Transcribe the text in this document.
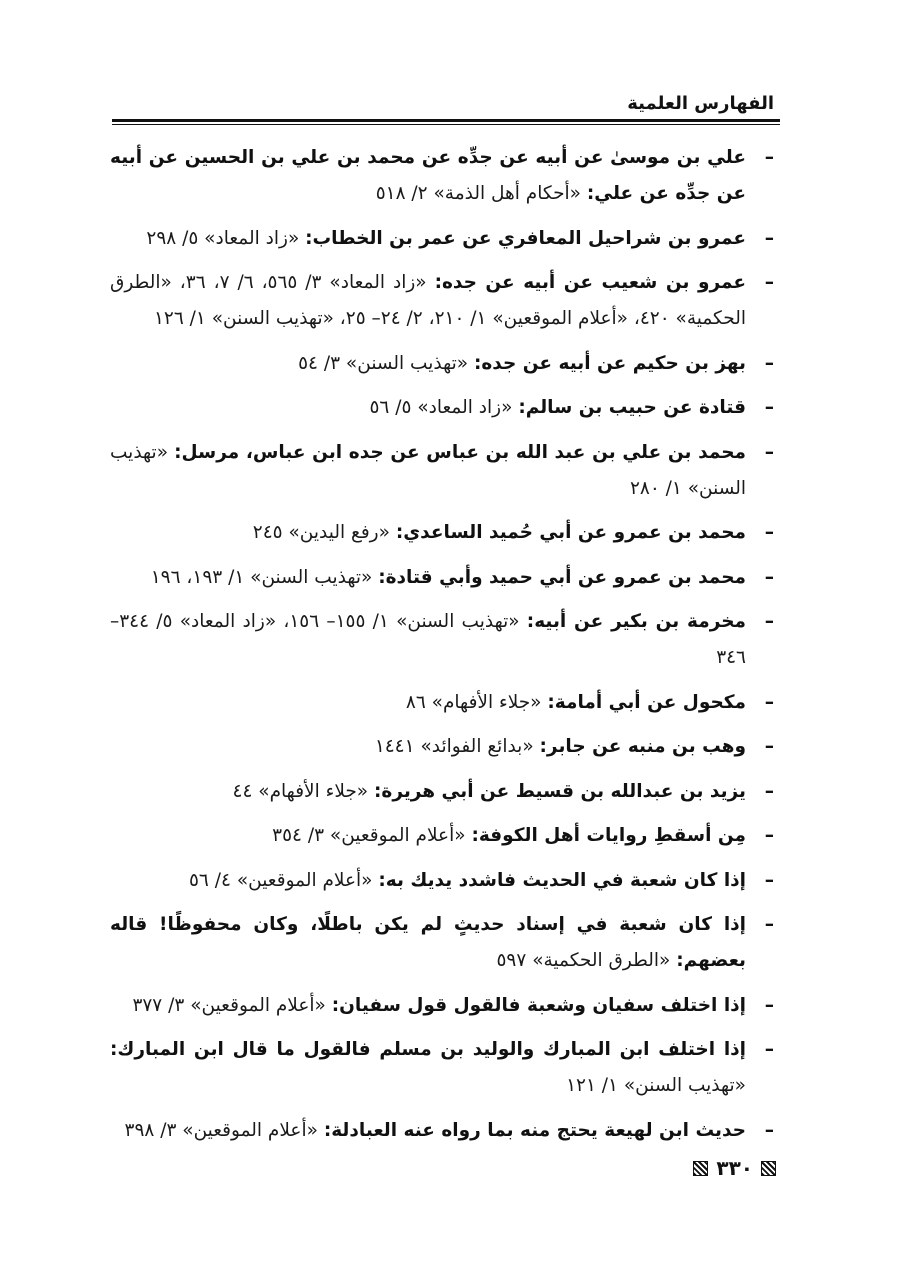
الفهارس العلمية
–
علي بن موسىٰ عن أبيه عن جدِّه عن محمد بن علي بن الحسين عن أبيه عن جدِّه عن علي: «أحكام أهل الذمة» ٢/ ٥١٨
–
عمرو بن شراحيل المعافري عن عمر بن الخطاب: «زاد المعاد» ٥/ ٢٩٨
–
عمرو بن شعيب عن أبيه عن جده: «زاد المعاد» ٣/ ٥٦٥، ٦/ ٧، ٣٦، «الطرق الحكمية» ٤٢٠، «أعلام الموقعين» ١/ ٢١٠، ٢/ ٢٤– ٢٥، «تهذيب السنن» ١/ ١٢٦
–
بهز بن حكيم عن أبيه عن جده: «تهذيب السنن» ٣/ ٥٤
–
قتادة عن حبيب بن سالم: «زاد المعاد» ٥/ ٥٦
–
محمد بن علي بن عبد الله بن عباس عن جده ابن عباس، مرسل: «تهذيب السنن» ١/ ٢٨٠
–
محمد بن عمرو عن أبي حُميد الساعدي: «رفع اليدين» ٢٤٥
–
محمد بن عمرو عن أبي حميد وأبي قتادة: «تهذيب السنن» ١/ ١٩٣، ١٩٦
–
مخرمة بن بكير عن أبيه: «تهذيب السنن» ١/ ١٥٥– ١٥٦، «زاد المعاد» ٥/ ٣٤٤– ٣٤٦
–
مكحول عن أبي أمامة: «جلاء الأفهام» ٨٦
–
وهب بن منبه عن جابر: «بدائع الفوائد» ١٤٤١
–
يزيد بن عبدالله بن قسيط عن أبي هريرة: «جلاء الأفهام» ٤٤
–
مِن أسقطِ روايات أهل الكوفة: «أعلام الموقعين» ٣/ ٣٥٤
–
إذا كان شعبة في الحديث فاشدد يديك به: «أعلام الموقعين» ٤/ ٥٦
–
إذا كان شعبة في إسناد حديثٍ لم يكن باطلًا، وكان محفوظًا! قاله بعضهم: «الطرق الحكمية» ٥٩٧
–
إذا اختلف سفيان وشعبة فالقول قول سفيان: «أعلام الموقعين» ٣/ ٣٧٧
–
إذا اختلف ابن المبارك والوليد بن مسلم فالقول ما قال ابن المبارك: «تهذيب السنن» ١/ ١٢١
–
حديث ابن لهيعة يحتج منه بما رواه عنه العبادلة: «أعلام الموقعين» ٣/ ٣٩٨
٣٣٠
